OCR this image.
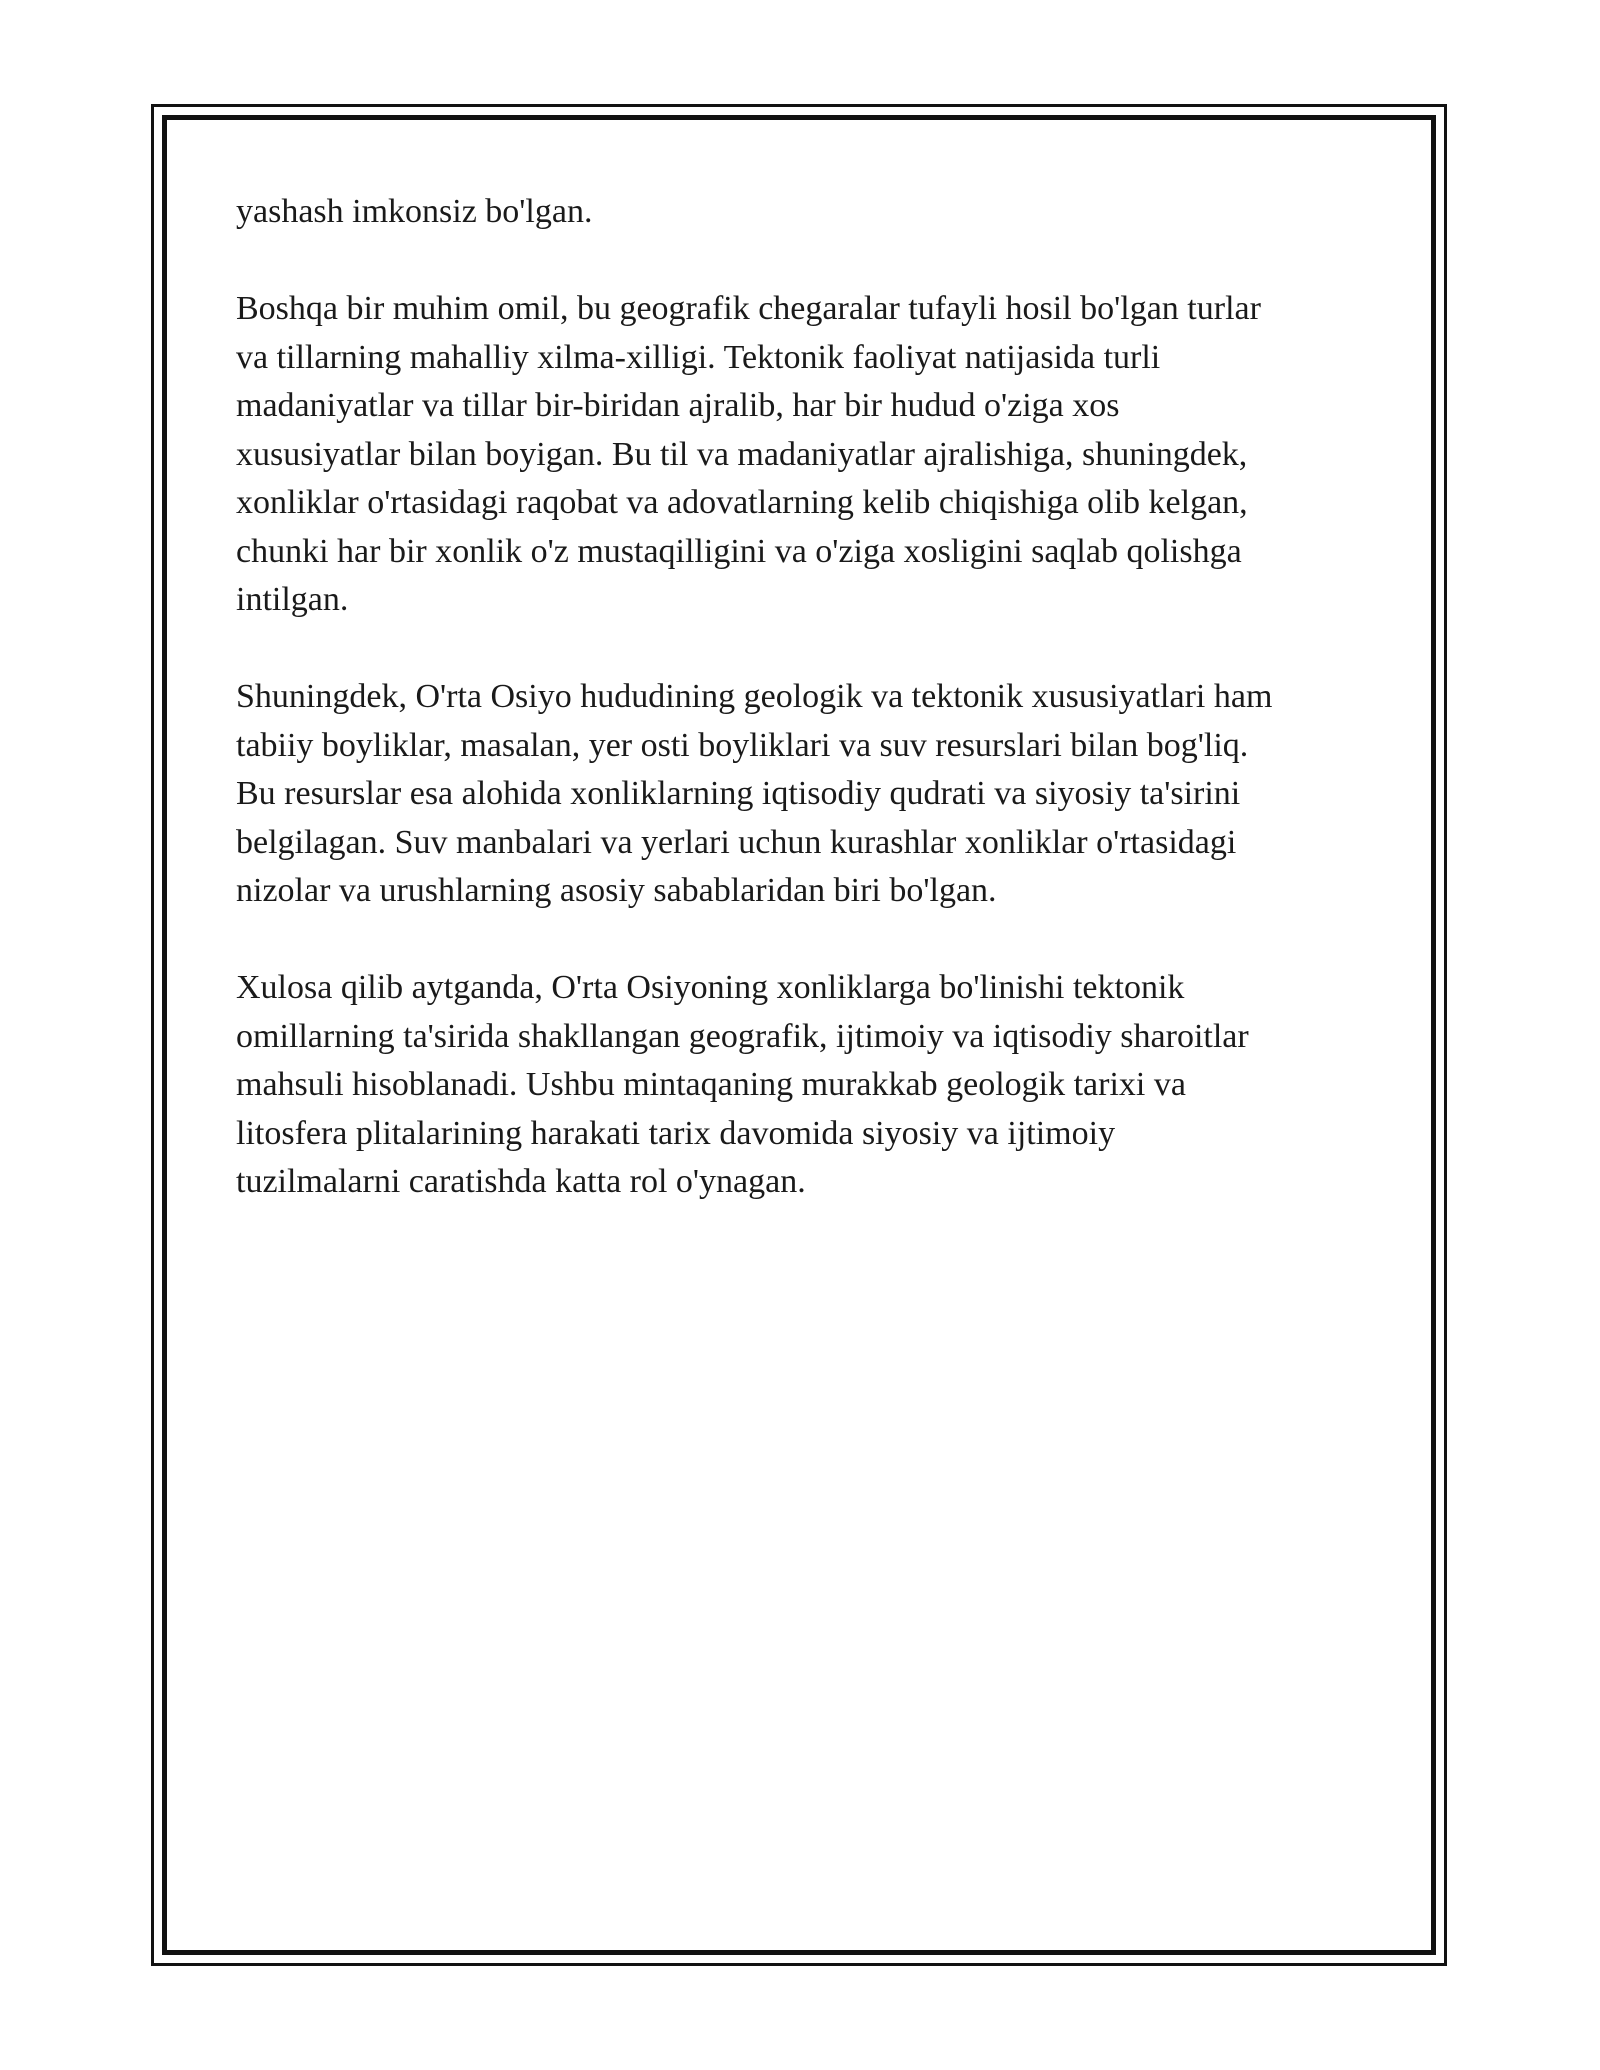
yashash imkonsiz bo'lgan.

Boshqa bir muhim omil, bu geografik chegaralar tufayli hosil bo'lgan turlar
va tillarning mahalliy xilma-xilligi. Tektonik faoliyat natijasida turli
madaniyatlar va tillar bir-biridan ajralib, har bir hudud o'ziga xos
xususiyatlar bilan boyigan. Bu til va madaniyatlar ajralishiga, shuningdek,
xonliklar o'rtasidagi raqobat va adovatlarning kelib chiqishiga olib kelgan,
chunki har bir xonlik o'z mustaqilligini va o'ziga xosligini saqlab qolishga
intilgan.

Shuningdek, O'rta Osiyo hududining geologik va tektonik xususiyatlari ham
tabiiy boyliklar, masalan, yer osti boyliklari va suv resurslari bilan bog'liq.
Bu resurslar esa alohida xonliklarning iqtisodiy qudrati va siyosiy ta'sirini
belgilagan. Suv manbalari va yerlari uchun kurashlar xonliklar o'rtasidagi
nizolar va urushlarning asosiy sabablaridan biri bo'lgan.

Xulosa qilib aytganda, O'rta Osiyoning xonliklarga bo'linishi tektonik
omillarning ta'sirida shakllangan geografik, ijtimoiy va iqtisodiy sharoitlar
mahsuli hisoblanadi. Ushbu mintaqaning murakkab geologik tarixi va
litosfera plitalarining harakati tarix davomida siyosiy va ijtimoiy
tuzilmalarni caratishda katta rol o'ynagan.
